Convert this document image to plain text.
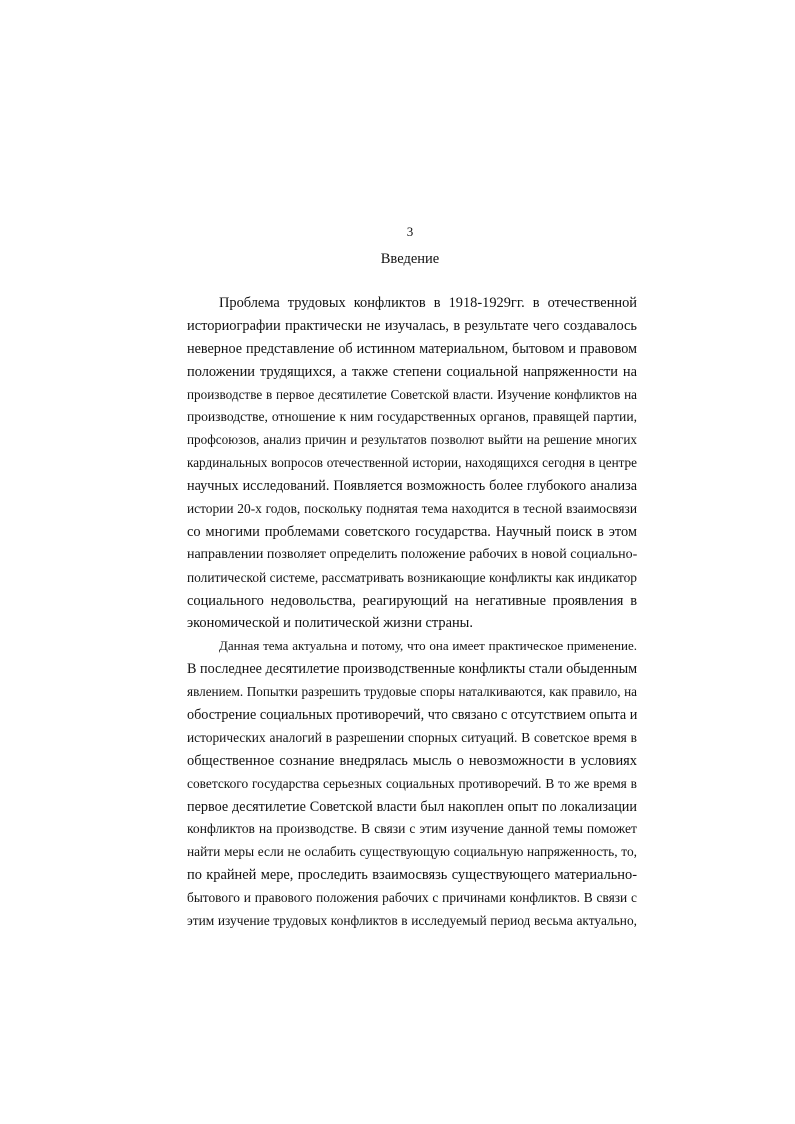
3
Введение
Проблема трудовых конфликтов в 1918-1929гг. в отечественной
историографии практически не изучалась, в результате чего создавалось
неверное представление об истинном материальном, бытовом и правовом
положении трудящихся, а также степени социальной напряженности на
производстве в первое десятилетие Советской власти. Изучение конфликтов на
производстве, отношение к ним государственных органов, правящей партии,
профсоюзов, анализ причин и результатов позволют выйти на решение многих
кардинальных вопросов отечественной истории, находящихся сегодня в центре
научных исследований. Появляется возможность более глубокого анализа
истории 20-х годов, поскольку поднятая тема находится в тесной взаимосвязи
со многими проблемами советского государства. Научный поиск в этом
направлении позволяет определить положение рабочих в новой социально-
политической системе, рассматривать возникающие конфликты как индикатор
социального недовольства, реагирующий на негативные проявления в
экономической и политической жизни страны.
Данная тема актуальна и потому, что она имеет практическое применение.
В последнее десятилетие производственные конфликты стали обыденным
явлением. Попытки разрешить трудовые споры наталкиваются, как правило, на
обострение социальных противоречий, что связано с отсутствием опыта и
исторических аналогий в разрешении спорных ситуаций. В советское время в
общественное сознание внедрялась мысль о невозможности в условиях
советского государства серьезных социальных противоречий. В то же время в
первое десятилетие Советской власти был накоплен опыт по локализации
конфликтов на производстве. В связи с этим изучение данной темы поможет
найти меры если не ослабить существующую социальную напряженность, то,
по крайней мере, проследить взаимосвязь существующего материально-
бытового и правового положения рабочих с причинами конфликтов. В связи с
этим изучение трудовых конфликтов в исследуемый период весьма актуально,
